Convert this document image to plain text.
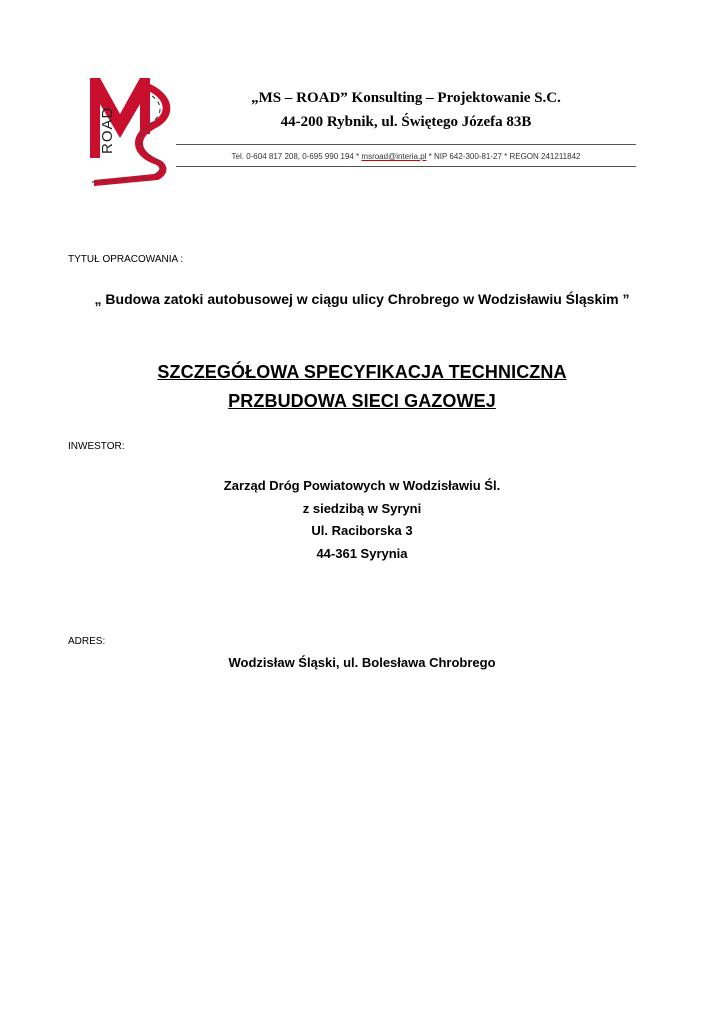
ROAD
„MS – ROAD” Konsulting – Projektowanie S.C.
44-200 Rybnik, ul. Świętego Józefa 83B
Tel. 0-604 817 208, 0-695 990 194 * msroad@interia.pl * NIP 642-300-81-27 * REGON 241211842
TYTUŁ OPRACOWANIA :
„ Budowa zatoki autobusowej w ciągu ulicy Chrobrego w Wodzisławiu Śląskim ”
SZCZEGÓŁOWA SPECYFIKACJA TECHNICZNA
PRZBUDOWA SIECI GAZOWEJ
INWESTOR:
Zarząd Dróg Powiatowych w Wodzisławiu Śl.
z siedzibą w Syryni
Ul. Raciborska 3
44-361 Syrynia
ADRES:
Wodzisław Śląski, ul. Bolesława Chrobrego
